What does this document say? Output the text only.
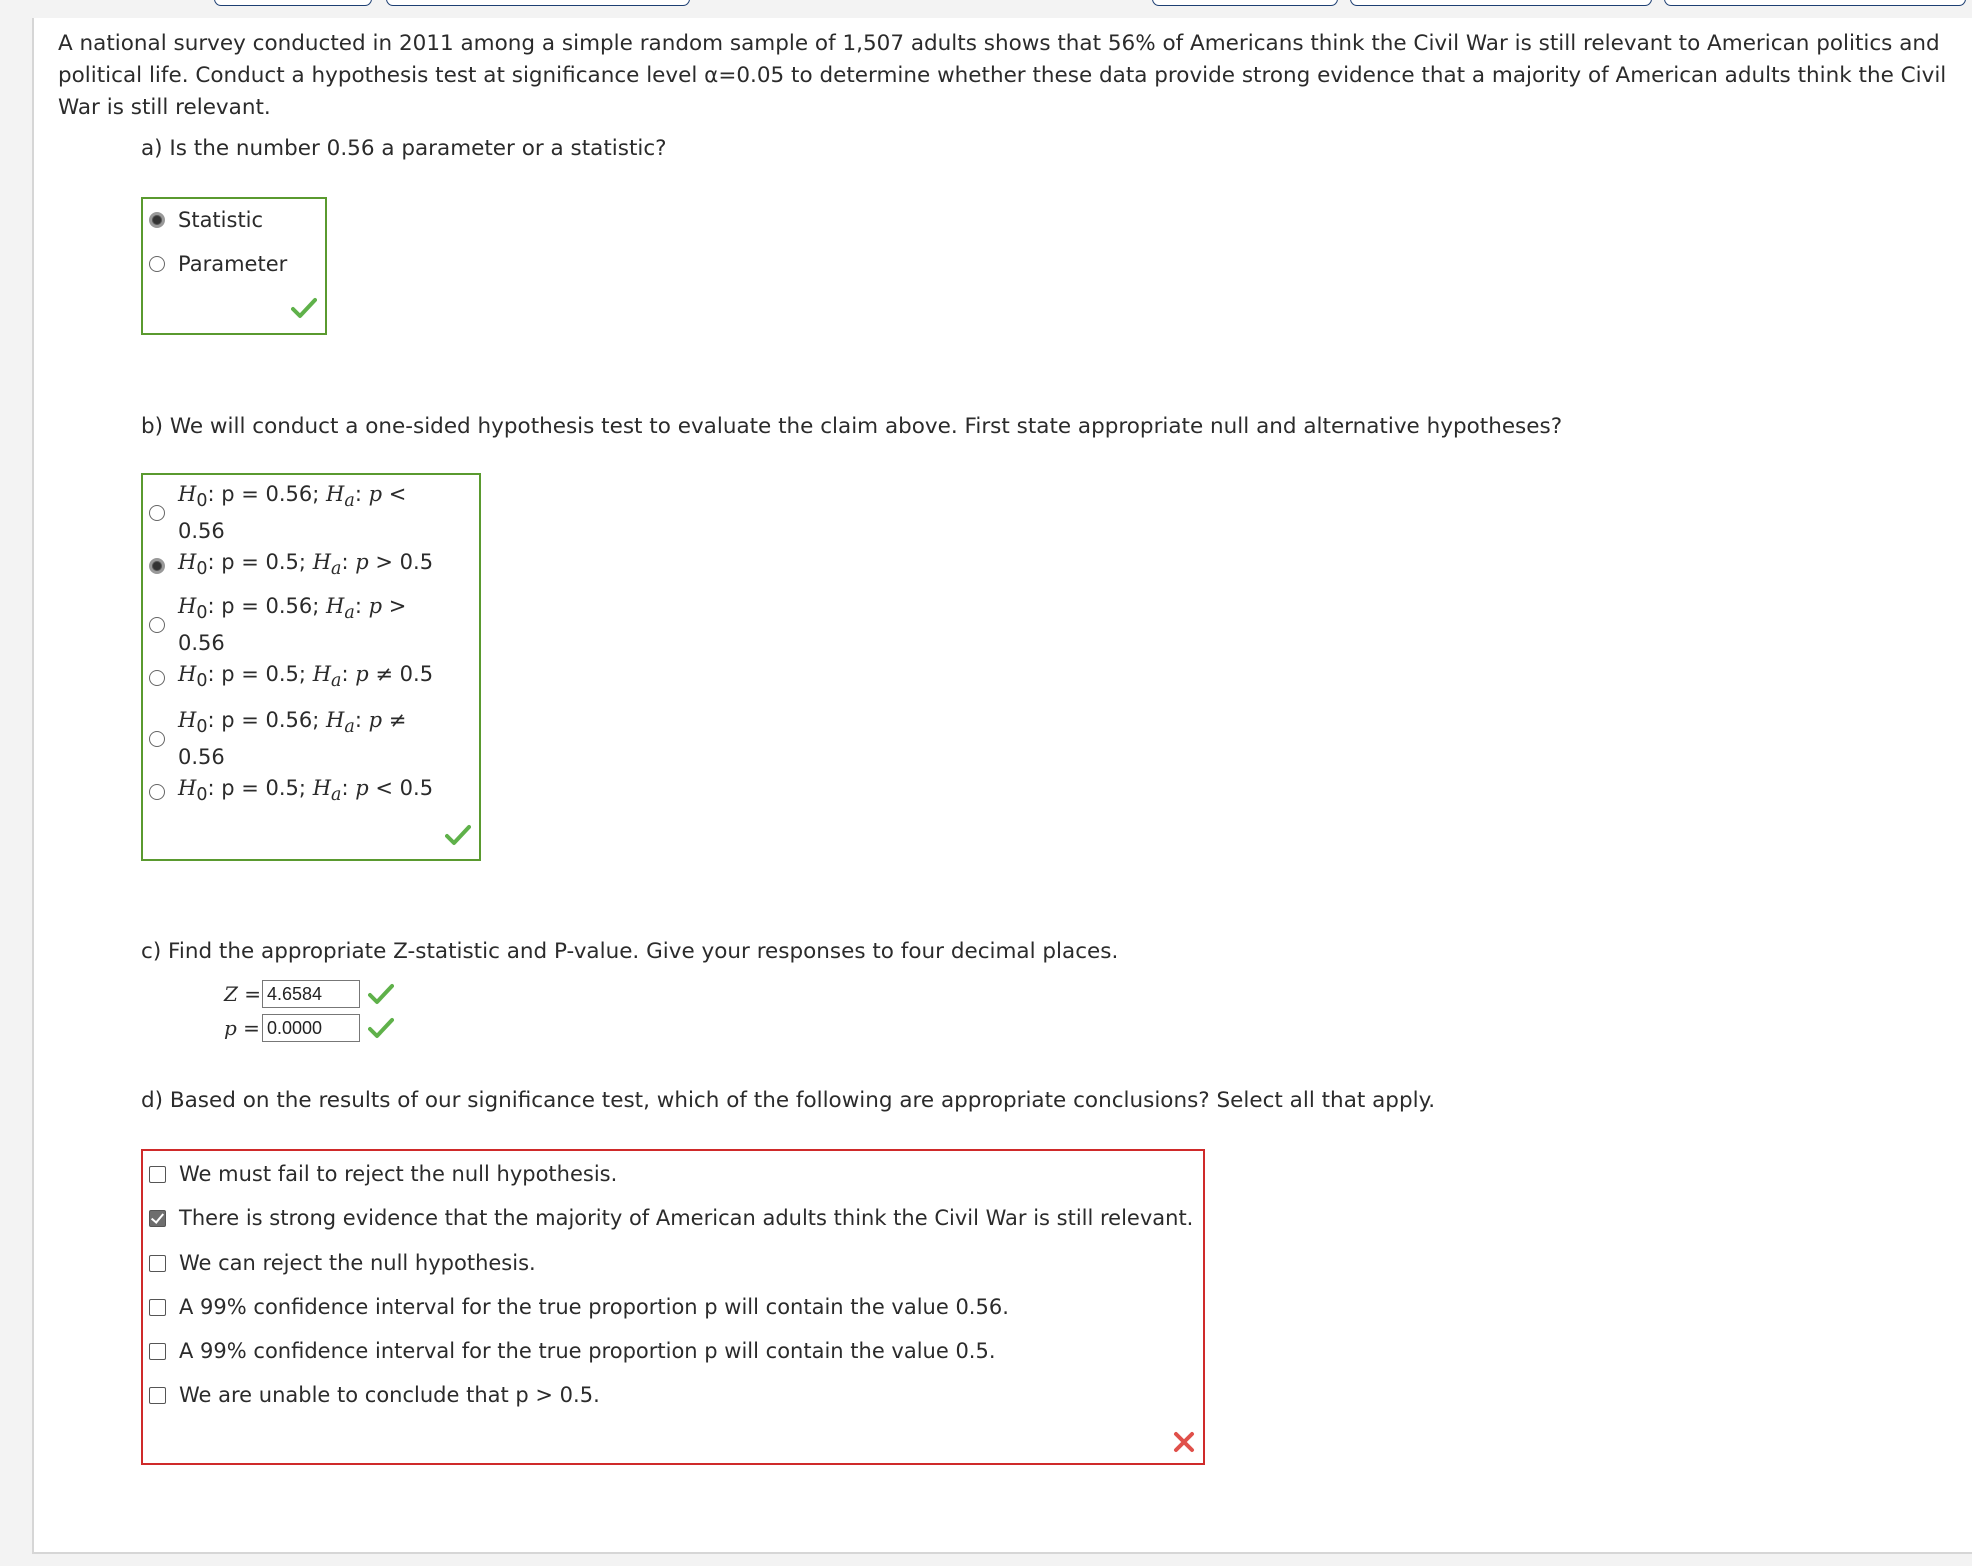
A national survey conducted in 2011 among a simple random sample of 1,507 adults shows that 56% of Americans think the Civil War is still relevant to American politics and political life. Conduct a hypothesis test at significance level α=0.05 to determine whether these data provide strong evidence that a majority of American adults think the Civil War is still relevant.

a) Is the number 0.56 a parameter or a statistic?

Statistic
Parameter

b) We will conduct a one-sided hypothesis test to evaluate the claim above. First state appropriate null and alternative hypotheses?

$H_0$: p = 0.56; $H_a$: p <
0.56
$H_0$: p = 0.5; $H_a$: p > 0.5
$H_0$: p = 0.56; $H_a$: p >
0.56
$H_0$: p = 0.5; $H_a$: p ≠ 0.5
$H_0$: p = 0.56; $H_a$: p ≠
0.56
$H_0$: p = 0.5; $H_a$: p < 0.5

c) Find the appropriate Z-statistic and P-value. Give your responses to four decimal places.

Z =
4.6584
p =
0.0000

d) Based on the results of our significance test, which of the following are appropriate conclusions? Select all that apply.

We must fail to reject the null hypothesis.
There is strong evidence that the majority of American adults think the Civil War is still relevant.
We can reject the null hypothesis.
A 99% confidence interval for the true proportion p will contain the value 0.56.
A 99% confidence interval for the true proportion p will contain the value 0.5.
We are unable to conclude that p > 0.5.
